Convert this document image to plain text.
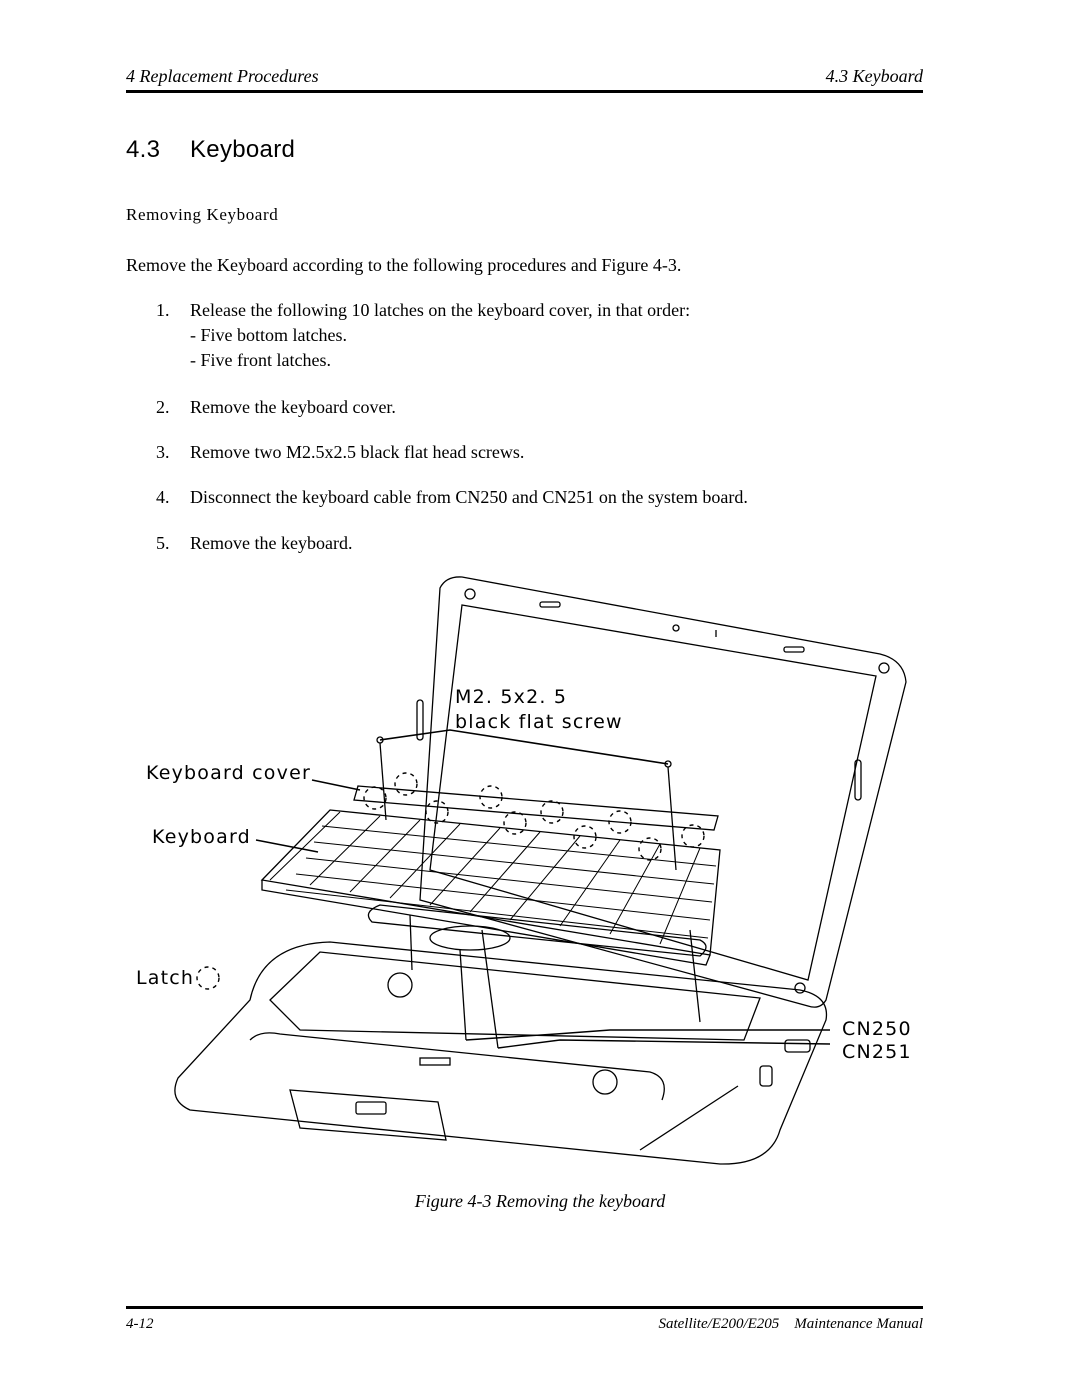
4 Replacement Procedures	4.3 Keyboard
4.3 Keyboard
Removing Keyboard
Remove the Keyboard according to the following procedures and Figure 4-3.
1. Release the following 10 latches on the keyboard cover, in that order:
- Five bottom latches.
- Five front latches.
2. Remove the keyboard cover.
3. Remove two M2.5x2.5 black flat head screws.
4. Disconnect the keyboard cable from CN250 and CN251 on the system board.
5. Remove the keyboard.
M2. 5x2. 5
black flat screw
Keyboard cover
Keyboard
Latch
CN250
CN251
Figure 4-3 Removing the keyboard
4-12	Satellite/E200/E205    Maintenance Manual
